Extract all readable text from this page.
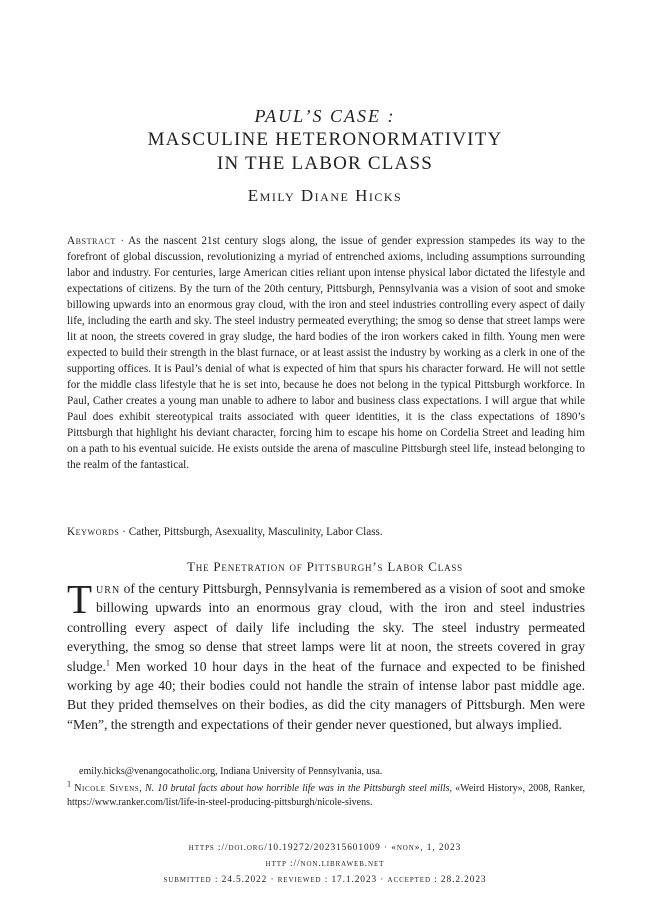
PAUL’S CASE :
MASCULINE HETERONORMATIVITY
IN THE LABOR CLASS
Emily Diane Hicks

Abstract · As the nascent 21st century slogs along, the issue of gender expression stampedes its way to the forefront of global discussion, revolutionizing a myriad of entrenched axioms, including assumptions surrounding labor and industry. For centuries, large American cities reliant upon intense physical labor dictated the lifestyle and expectations of citizens. By the turn of the 20th century, Pittsburgh, Pennsylvania was a vision of soot and smoke billowing upwards into an enormous gray cloud, with the iron and steel industries controlling every aspect of daily life, including the earth and sky. The steel industry permeated everything; the smog so dense that street lamps were lit at noon, the streets covered in gray sludge, the hard bodies of the iron workers caked in filth. Young men were expected to build their strength in the blast furnace, or at least assist the industry by working as a clerk in one of the supporting offices. It is Paul’s denial of what is expected of him that spurs his character forward. He will not settle for the middle class lifestyle that he is set into, because he does not belong in the typical Pittsburgh workforce. In Paul, Cather creates a young man unable to adhere to labor and business class expectations. I will argue that while Paul does exhibit stereotypical traits associated with queer identities, it is the class expectations of 1890’s Pittsburgh that highlight his deviant character, forcing him to escape his home on Cordelia Street and leading him on a path to his eventual suicide. He exists outside the arena of masculine Pittsburgh steel life, instead belonging to the realm of the fantastical.

Keywords · Cather, Pittsburgh, Asexuality, Masculinity, Labor Class.

The Penetration of Pittsburgh’s Labor Class

Turn of the century Pittsburgh, Pennsylvania is remembered as a vision of soot and smoke billowing upwards into an enormous gray cloud, with the iron and steel industries controlling every aspect of daily life including the sky. The steel industry permeated everything, the smog so dense that street lamps were lit at noon, the streets covered in gray sludge.$^1$ Men worked 10 hour days in the heat of the furnace and expected to be finished working by age 40; their bodies could not handle the strain of intense labor past middle age. But they prided themselves on their bodies, as did the city managers of Pittsburgh. Men were “Men”, the strength and expectations of their gender never questioned, but always implied.

emily.hicks@venangocatholic.org, Indiana University of Pennsylvania, usa.
$^1$ Nicole Sivens, N. 10 brutal facts about how horrible life was in the Pittsburgh steel mills, «Weird History», 2008, Ranker, https://www.ranker.com/list/life-in-steel-producing-pittsburgh/nicole-sivens.
https ://doi.org/10.19272/202315601009 · «non», 1, 2023
http ://non.libraweb.net
submitted : 24.5.2022 · reviewed : 17.1.2023 · accepted : 28.2.2023
